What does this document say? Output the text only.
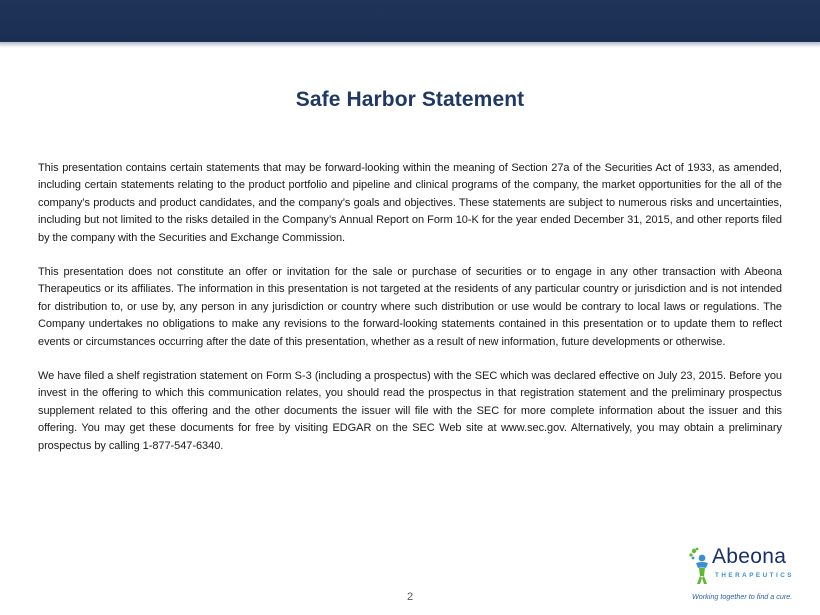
Safe Harbor Statement

This presentation contains certain statements that may be forward-looking within the meaning of Section 27a of the Securities Act of 1933, as amended, including certain statements relating to the product portfolio and pipeline and clinical programs of the company, the market opportunities for the all of the company’s products and product candidates, and the company’s goals and objectives. These statements are subject to numerous risks and uncertainties, including but not limited to the risks detailed in the Company’s Annual Report on Form 10-K for the year ended December 31, 2015, and other reports filed by the company with the Securities and Exchange Commission.

This presentation does not constitute an offer or invitation for the sale or purchase of securities or to engage in any other transaction with Abeona Therapeutics or its affiliates. The information in this presentation is not targeted at the residents of any particular country or jurisdiction and is not intended for distribution to, or use by, any person in any jurisdiction or country where such distribution or use would be contrary to local laws or regulations. The Company undertakes no obligations to make any revisions to the forward-looking statements contained in this presentation or to update them to reflect events or circumstances occurring after the date of this presentation, whether as a result of new information, future developments or otherwise.

We have filed a shelf registration statement on Form S-3 (including a prospectus) with the SEC which was declared effective on July 23, 2015. Before you invest in the offering to which this communication relates, you should read the prospectus in that registration statement and the preliminary prospectus supplement related to this offering and the other documents the issuer will file with the SEC for more complete information about the issuer and this offering. You may get these documents for free by visiting EDGAR on the SEC Web site at www.sec.gov. Alternatively, you may obtain a preliminary prospectus by calling 1-877-547-6340.

2
Abeona
THERAPEUTICS
Working together to find a cure.
